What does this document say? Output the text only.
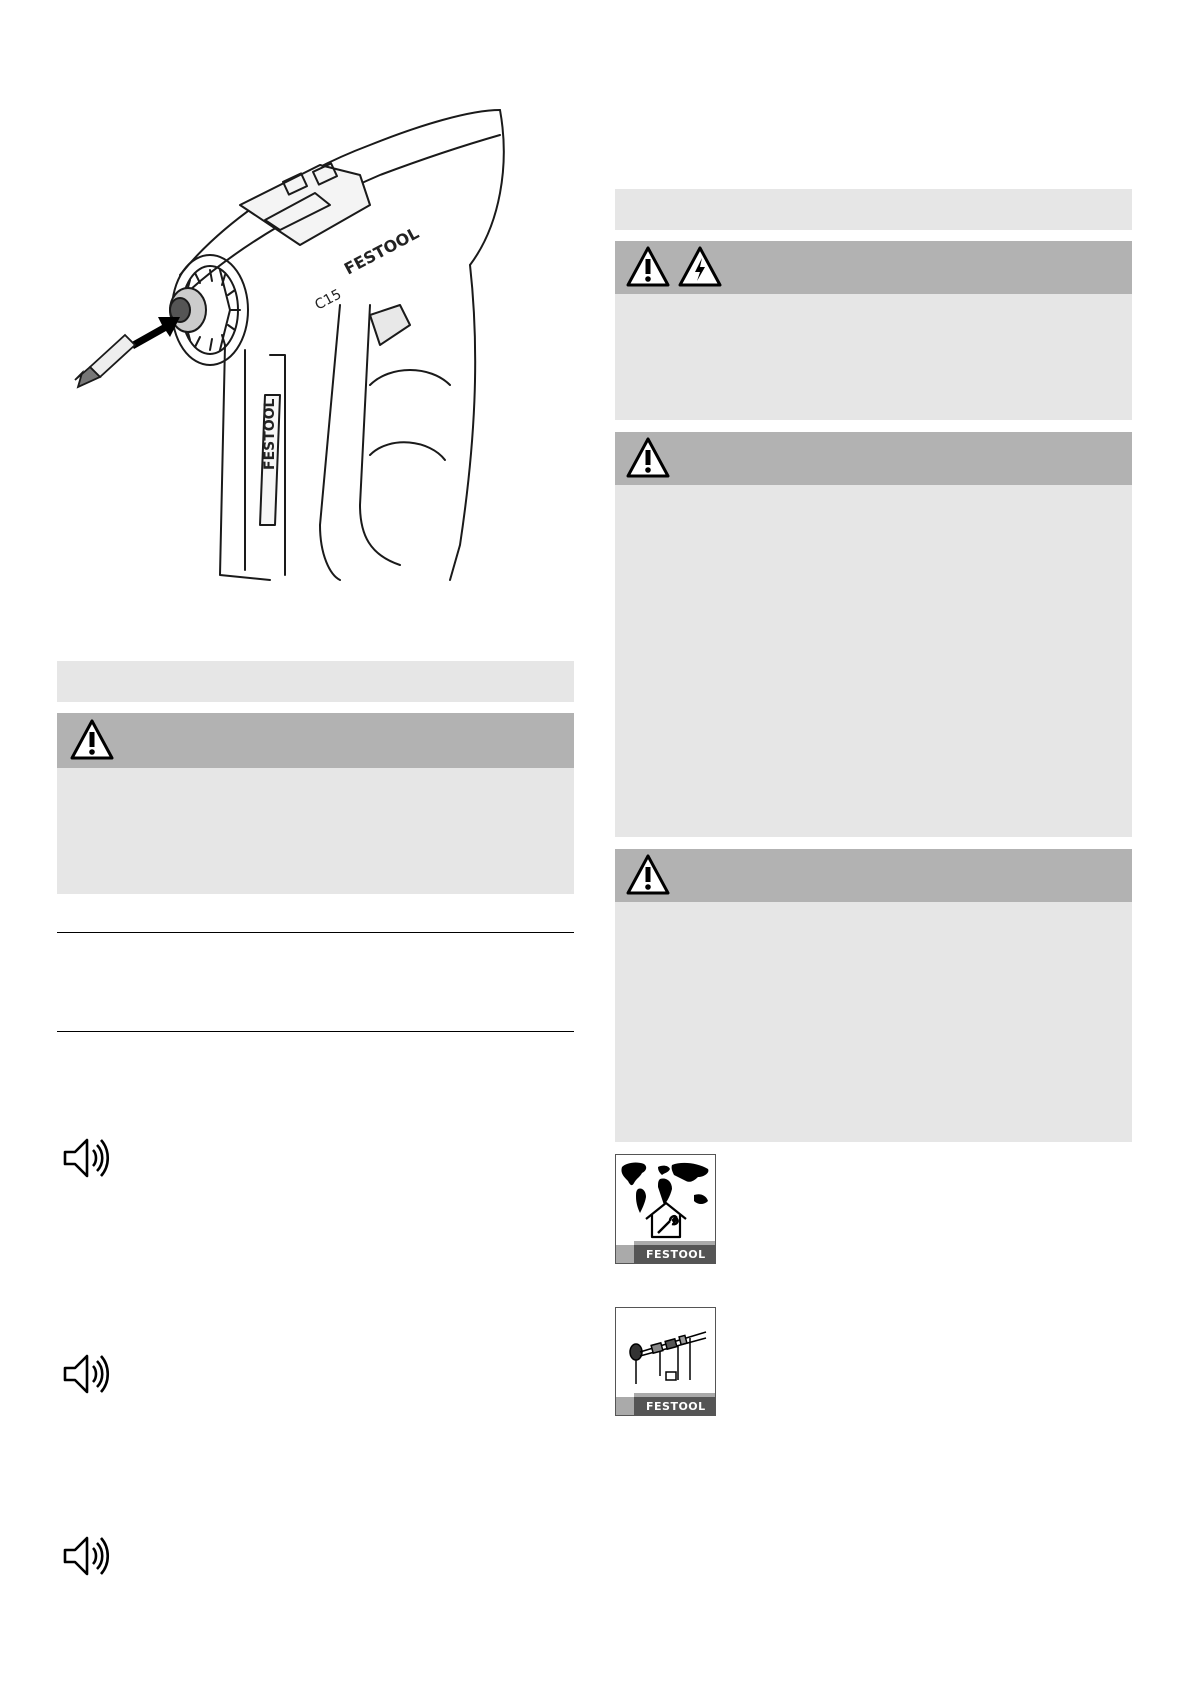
FESTOOL
C15
FESTOOL
FESTOOL
FESTOOL
